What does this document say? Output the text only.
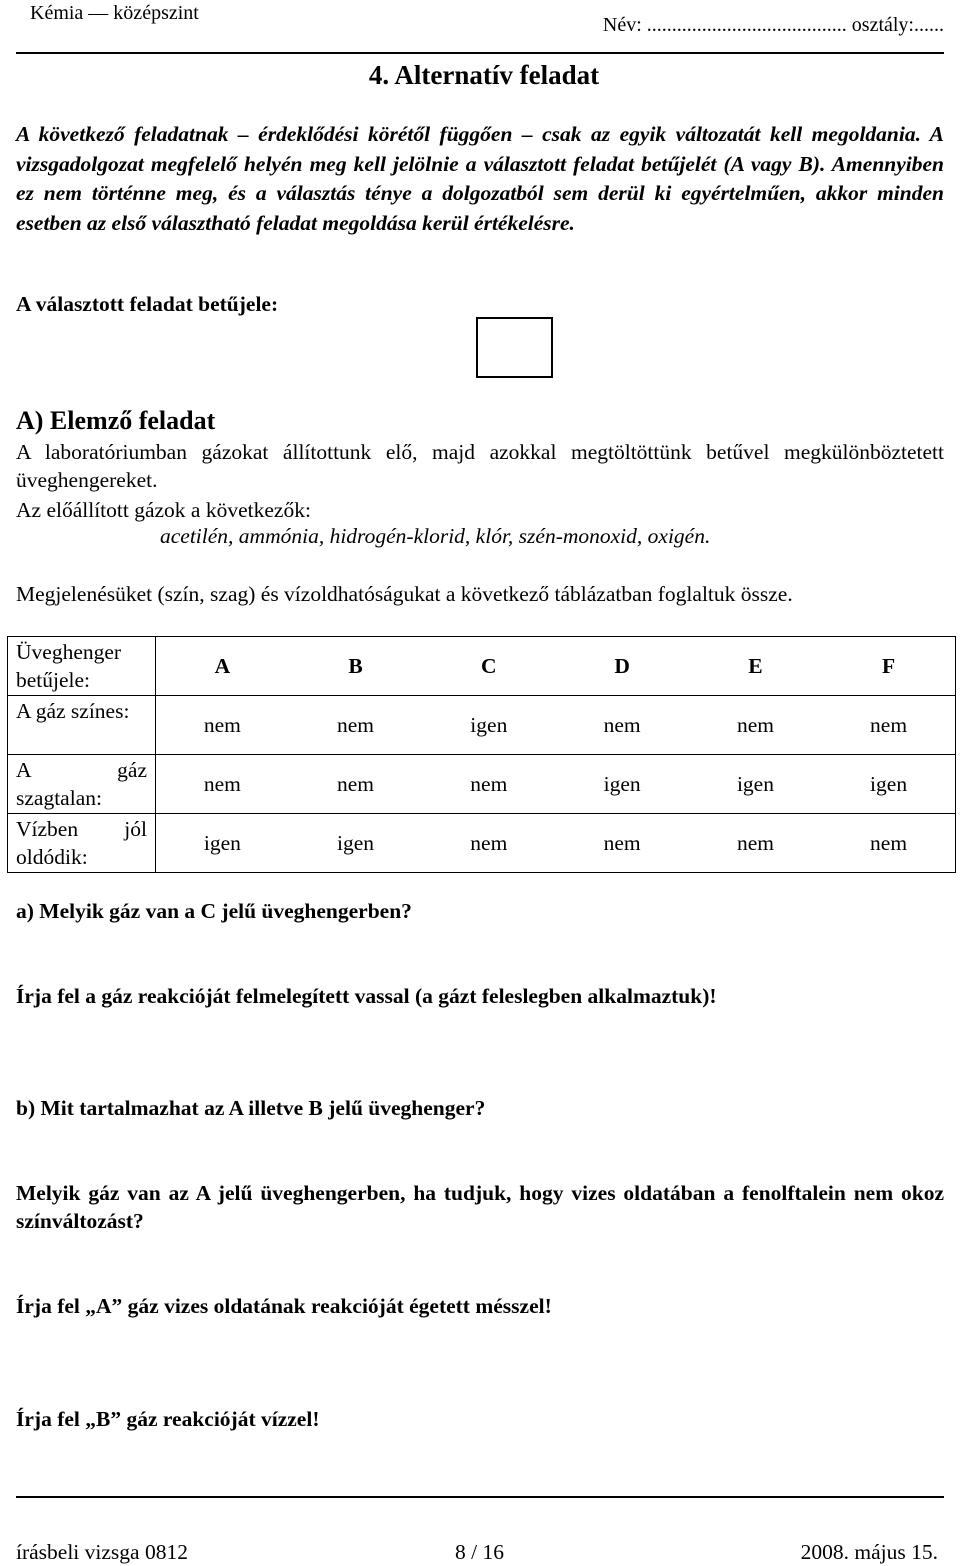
Kémia — középszint
Név: ........................................ osztály:......
4. Alternatív feladat
A következő feladatnak – érdeklődési körétől függően – csak az egyik változatát kell megoldania. A vizsgadolgozat megfelelő helyén meg kell jelölnie a választott feladat betűjelét (A vagy B). Amennyiben ez nem történne meg, és a választás ténye a dolgozatból sem derül ki egyértelműen, akkor minden esetben az első választható feladat megoldása kerül értékelésre.
A választott feladat betűjele:
A) Elemző feladat
A laboratóriumban gázokat állítottunk elő, majd azokkal megtöltöttünk betűvel megkülönböztetett üveghengereket.
Az előállított gázok a következők:
acetilén, ammónia, hidrogén-klorid, klór, szén-monoxid, oxigén.
Megjelenésüket (szín, szag) és vízoldhatóságukat a következő táblázatban foglaltuk össze.
Üveghenger betűjele:	A	B	C	D	E	F
A gáz színes:	nem	nem	igen	nem	nem	nem
A gáz szagtalan:	nem	nem	nem	igen	igen	igen
Vízben jól oldódik:	igen	igen	nem	nem	nem	nem
a) Melyik gáz van a C jelű üveghengerben?
Írja fel a gáz reakcióját felmelegített vassal (a gázt feleslegben alkalmaztuk)!
b) Mit tartalmazhat az A illetve B jelű üveghenger?
Melyik gáz van az A jelű üveghengerben, ha tudjuk, hogy vizes oldatában a fenolftalein nem okoz színváltozást?
Írja fel „A” gáz vizes oldatának reakcióját égetett mésszel!
Írja fel „B” gáz reakcióját vízzel!
írásbeli vizsga 0812	8 / 16	2008. május 15.
